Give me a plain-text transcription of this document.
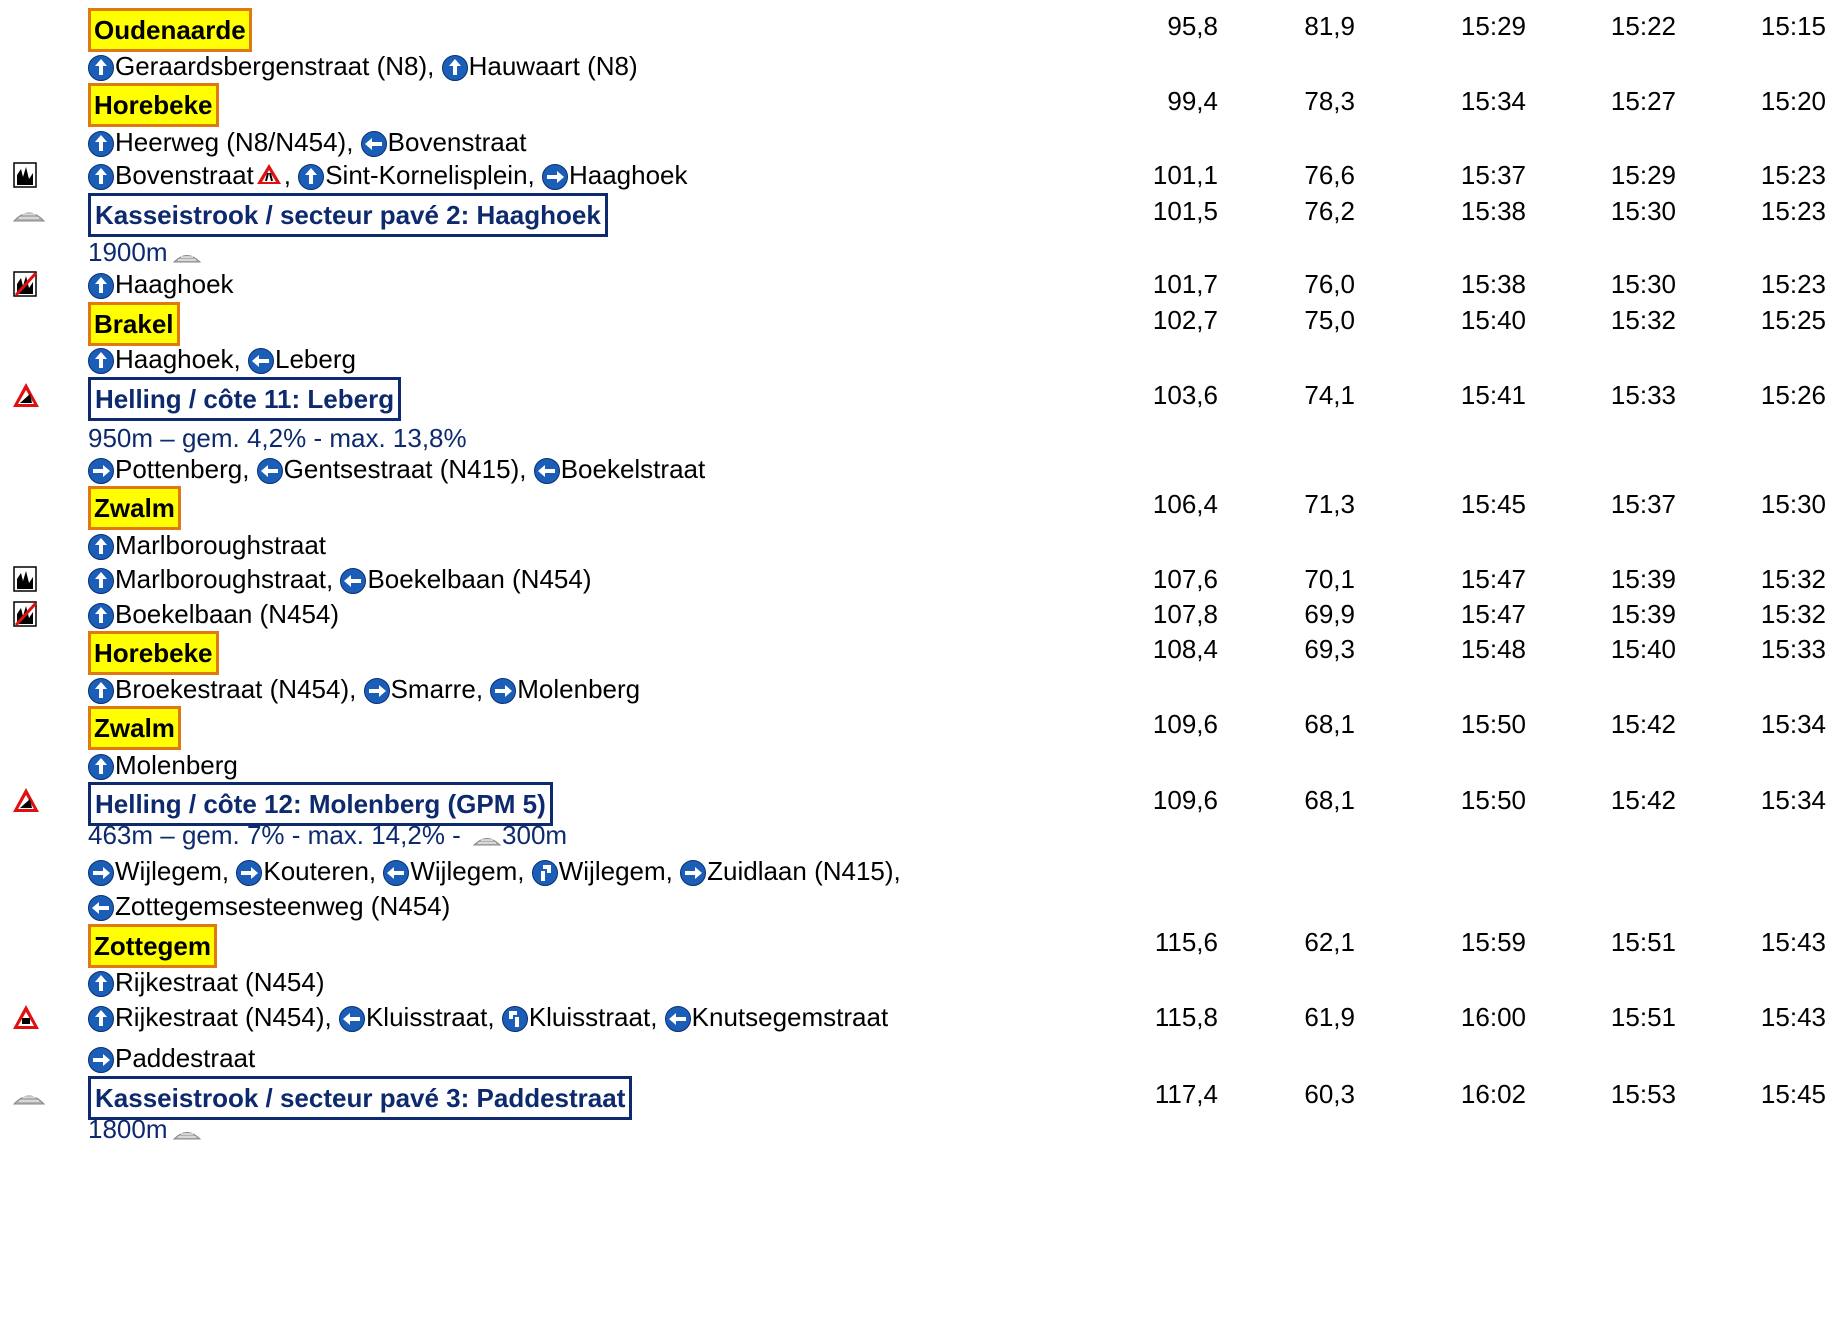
Oudenaarde	95,8	81,9	15:29	15:22	15:15
Geraardsbergenstraat (N8), Hauwaart (N8)
Horebeke	99,4	78,3	15:34	15:27	15:20
Heerweg (N8/N454), Bovenstraat
Bovenstraat , Sint-Kornelisplein, Haaghoek	101,1	76,6	15:37	15:29	15:23
Kasseistrook / secteur pavé 2: Haaghoek	101,5	76,2	15:38	15:30	15:23
1900m
Haaghoek	101,7	76,0	15:38	15:30	15:23
Brakel	102,7	75,0	15:40	15:32	15:25
Haaghoek, Leberg
Helling / côte 11: Leberg	103,6	74,1	15:41	15:33	15:26
950m – gem. 4,2% - max. 13,8%
Pottenberg, Gentsestraat (N415), Boekelstraat
Zwalm	106,4	71,3	15:45	15:37	15:30
Marlboroughstraat
Marlboroughstraat, Boekelbaan (N454)	107,6	70,1	15:47	15:39	15:32
Boekelbaan (N454)	107,8	69,9	15:47	15:39	15:32
Horebeke	108,4	69,3	15:48	15:40	15:33
Broekestraat (N454), Smarre, Molenberg
Zwalm	109,6	68,1	15:50	15:42	15:34
Molenberg
Helling / côte 12: Molenberg (GPM 5)	109,6	68,1	15:50	15:42	15:34
463m – gem. 7% - max. 14,2% - 300m
Wijlegem, Kouteren, Wijlegem, Wijlegem, Zuidlaan (N415),
Zottegemsesteenweg (N454)
Zottegem	115,6	62,1	15:59	15:51	15:43
Rijkestraat (N454)
Rijkestraat (N454), Kluisstraat, Kluisstraat, Knutsegemstraat	115,8	61,9	16:00	15:51	15:43
Paddestraat
Kasseistrook / secteur pavé 3: Paddestraat	117,4	60,3	16:02	15:53	15:45
1800m
